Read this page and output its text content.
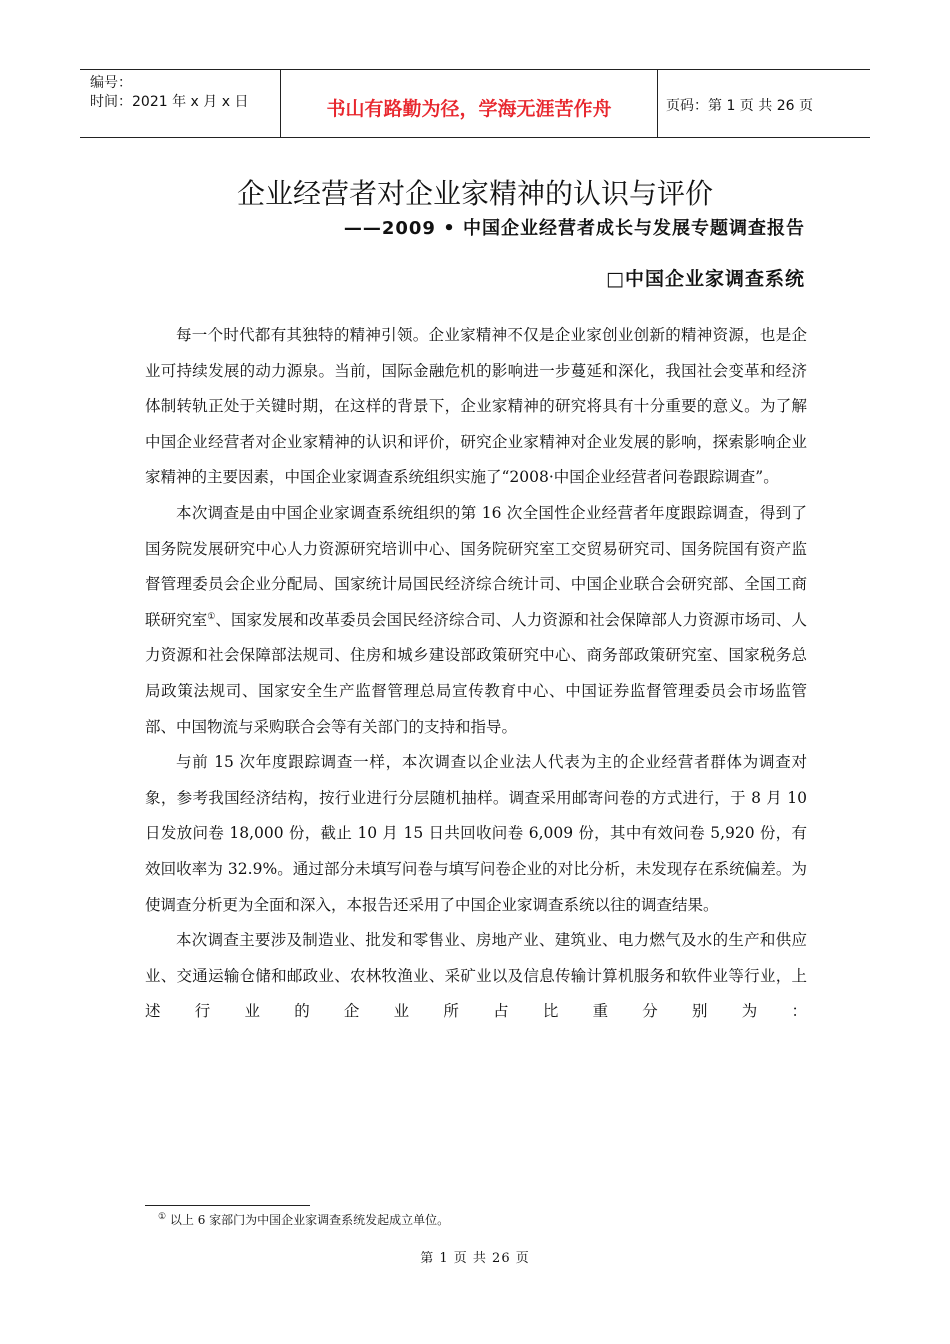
编号：
时间：2021 年 x 月 x 日	书山有路勤为径，学海无涯苦作舟	页码：第 1 页 共 26 页
企业经营者对企业家精神的认识与评价
——2009 • 中国企业经营者成长与发展专题调查报告
□中国企业家调查系统

每一个时代都有其独特的精神引领。企业家精神不仅是企业家创业创新的精神资源，也是企业可持续发展的动力源泉。当前，国际金融危机的影响进一步蔓延和深化，我国社会变革和经济体制转轨正处于关键时期，在这样的背景下，企业家精神的研究将具有十分重要的意义。为了解中国企业经营者对企业家精神的认识和评价，研究企业家精神对企业发展的影响，探索影响企业家精神的主要因素，中国企业家调查系统组织实施了“2008·中国企业经营者问卷跟踪调查”。

本次调查是由中国企业家调查系统组织的第 16 次全国性企业经营者年度跟踪调查，得到了国务院发展研究中心人力资源研究培训中心、国务院研究室工交贸易研究司、国务院国有资产监督管理委员会企业分配局、国家统计局国民经济综合统计司、中国企业联合会研究部、全国工商联研究室①、国家发展和改革委员会国民经济综合司、人力资源和社会保障部人力资源市场司、人力资源和社会保障部法规司、住房和城乡建设部政策研究中心、商务部政策研究室、国家税务总局政策法规司、国家安全生产监督管理总局宣传教育中心、中国证券监督管理委员会市场监管部、中国物流与采购联合会等有关部门的支持和指导。

与前 15 次年度跟踪调查一样，本次调查以企业法人代表为主的企业经营者群体为调查对象，参考我国经济结构，按行业进行分层随机抽样。调查采用邮寄问卷的方式进行，于 8 月 10 日发放问卷 18,000 份，截止 10 月 15 日共回收问卷 6,009 份，其中有效问卷 5,920 份，有效回收率为 32.9%。通过部分未填写问卷与填写问卷企业的对比分析，未发现存在系统偏差。为使调查分析更为全面和深入，本报告还采用了中国企业家调查系统以往的调查结果。

本次调查主要涉及制造业、批发和零售业、房地产业、建筑业、电力燃气及水的生产和供应业、交通运输仓储和邮政业、农林牧渔业、采矿业以及信息传输计算机服务和软件业等行业，上述行业的企业所占比重分别为：

① 以上 6 家部门为中国企业家调查系统发起成立单位。
第 1 页 共 26 页
